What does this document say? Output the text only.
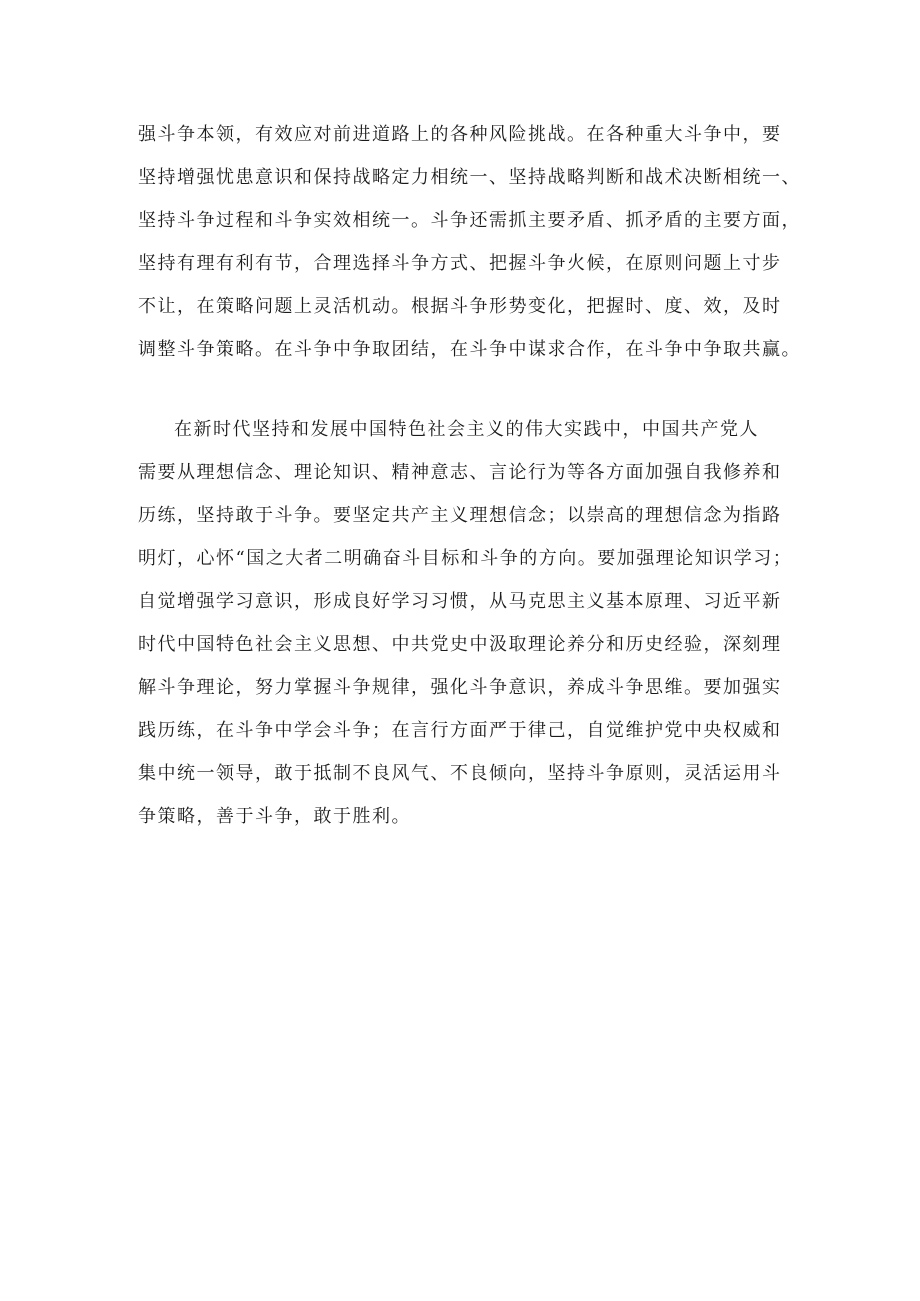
强斗争本领，有效应对前进道路上的各种风险挑战。在各种重大斗争中，要
坚持增强忧患意识和保持战略定力相统一、坚持战略判断和战术决断相统一、
坚持斗争过程和斗争实效相统一。斗争还需抓主要矛盾、抓矛盾的主要方面，
坚持有理有利有节，合理选择斗争方式、把握斗争火候，在原则问题上寸步
不让，在策略问题上灵活机动。根据斗争形势变化，把握时、度、效，及时
调整斗争策略。在斗争中争取团结，在斗争中谋求合作，在斗争中争取共赢。
在新时代坚持和发展中国特色社会主义的伟大实践中，中国共产党人
需要从理想信念、理论知识、精神意志、言论行为等各方面加强自我修养和
历练，坚持敢于斗争。要坚定共产主义理想信念；以崇高的理想信念为指路
明灯，心怀“国之大者二明确奋斗目标和斗争的方向。要加强理论知识学习；
自觉增强学习意识，形成良好学习习惯，从马克思主义基本原理、习近平新
时代中国特色社会主义思想、中共党史中汲取理论养分和历史经验，深刻理
解斗争理论，努力掌握斗争规律，强化斗争意识，养成斗争思维。要加强实
践历练，在斗争中学会斗争；在言行方面严于律己，自觉维护党中央权威和
集中统一领导，敢于抵制不良风气、不良倾向，坚持斗争原则，灵活运用斗
争策略，善于斗争，敢于胜利。
